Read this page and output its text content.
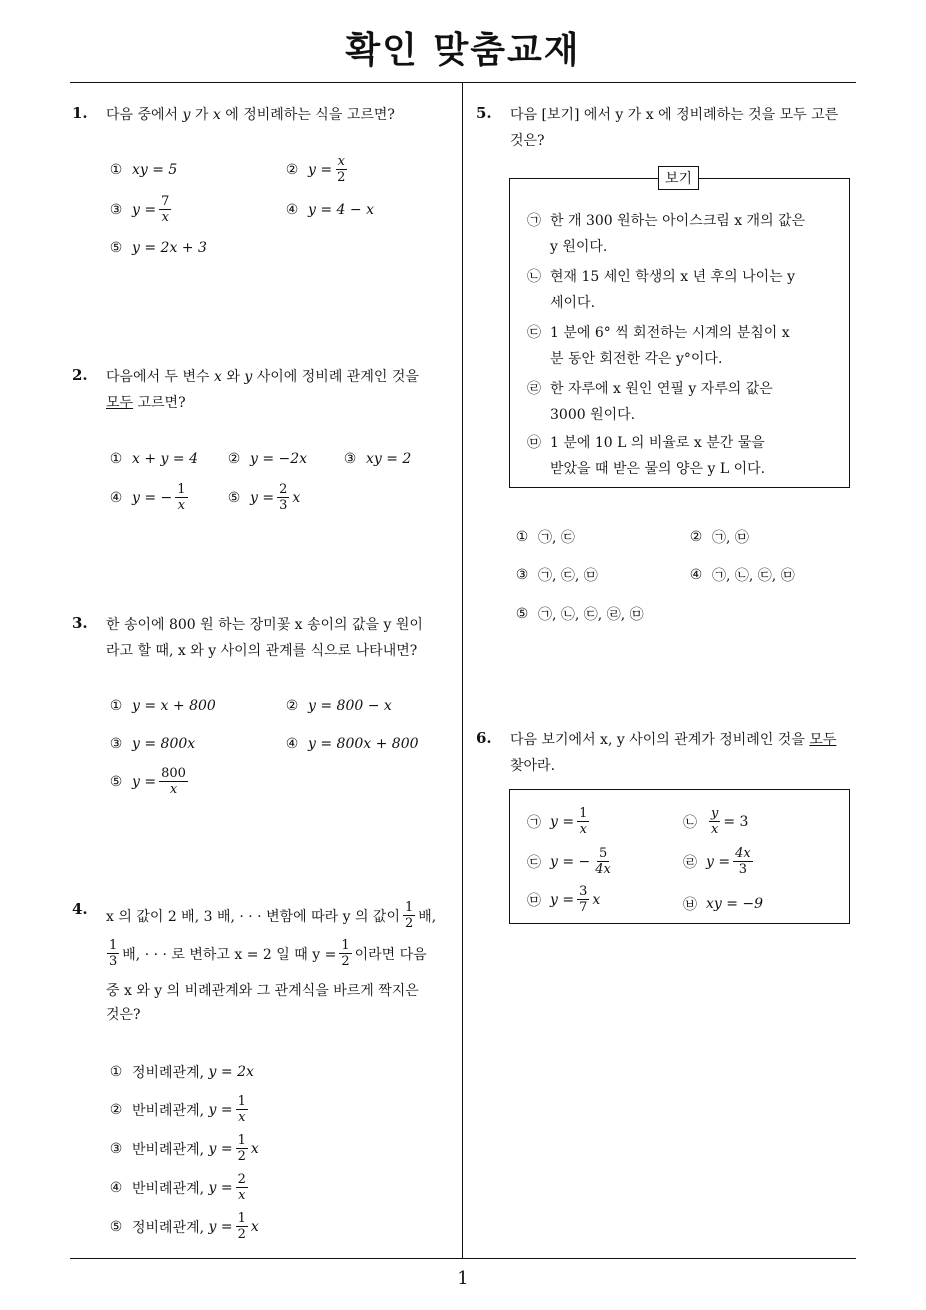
확인 맞춤교재
1
1. 다음 중에서 y 가 x 에 정비례하는 식을 고르면?
① xy = 5	② $y = \frac{x}{2}$
③ $y = \frac{7}{x}$	④ y = 4 − x
⑤ y = 2x + 3
2. 다음에서 두 변수 x 와 y 사이에 정비례 관계인 것을
모두 고르면?
① x + y = 4 ② y = −2x	③ xy = 2
④ y = − $\frac{1}{x}$	⑤ $y = \frac{2}{3}$ x
3. 한 송이에 800 원 하는 장미꽃 x 송이의 값을 y 원이
라고 할 때, x 와 y 사이의 관계를 식으로 나타내면?
① y = x + 800	② y = 800 − x
③ y = 800x	④ y = 800x + 800
⑤ $y = \frac{800}{x}$
4. x 의 값이 2 배, 3 배, · · · 변함에 따라 y 의 값이 $\frac{1}{2}$ 배,
$\frac{1}{3}$ 배, · · · 로 변하고 x = 2 일 때 $y = \frac{1}{2}$ 이라면 다음
중 x 와 y 의 비례관계와 그 관계식을 바르게 짝지은
것은?
① 정비례관계,
y = 2x
② 반비례관계,
$y = \frac{1}{x}$
③ 반비례관계,
$y = \frac{1}{2}$ x
④ 반비례관계,
$y = \frac{2}{x}$
⑤ 정비례관계,
$y = \frac{1}{2}$ x
5. 다음 [보기] 에서 y 가 x 에 정비례하는 것을 모두 고른
것은?
보기
㉠ 한 개 300 원하는 아이스크림 x 개의 값은
y 원이다.
㉡ 현재 15 세인 학생의 x 년 후의 나이는 y
세이다.
㉢ 1 분에 6° 씩 회전하는 시계의 분침이 x
분 동안 회전한 각은 y°이다.
㉣ 한 자루에 x 원인 연필 y 자루의 값은
3000 원이다.
㉤ 1 분에 10 L 의 비율로 x 분간 물을
받았을 때 받은 물의 양은 y L 이다.
① ㉠, ㉢	② ㉠, ㉤
③ ㉠, ㉢, ㉤	④ ㉠, ㉡, ㉢, ㉤
⑤ ㉠, ㉡, ㉢, ㉣, ㉤
6. 다음 보기에서 x, y 사이의 관계가 정비례인 것을 모두
찾아라.
㉠ $y = \frac{1}{x}$	㉡ $\frac{y}{x} = 3$
㉢ y = − $\frac{5}{4x}$	㉣ $y = \frac{4x}{3}$
㉤ $y = \frac{3}{7}$ x	㉥ xy = −9
